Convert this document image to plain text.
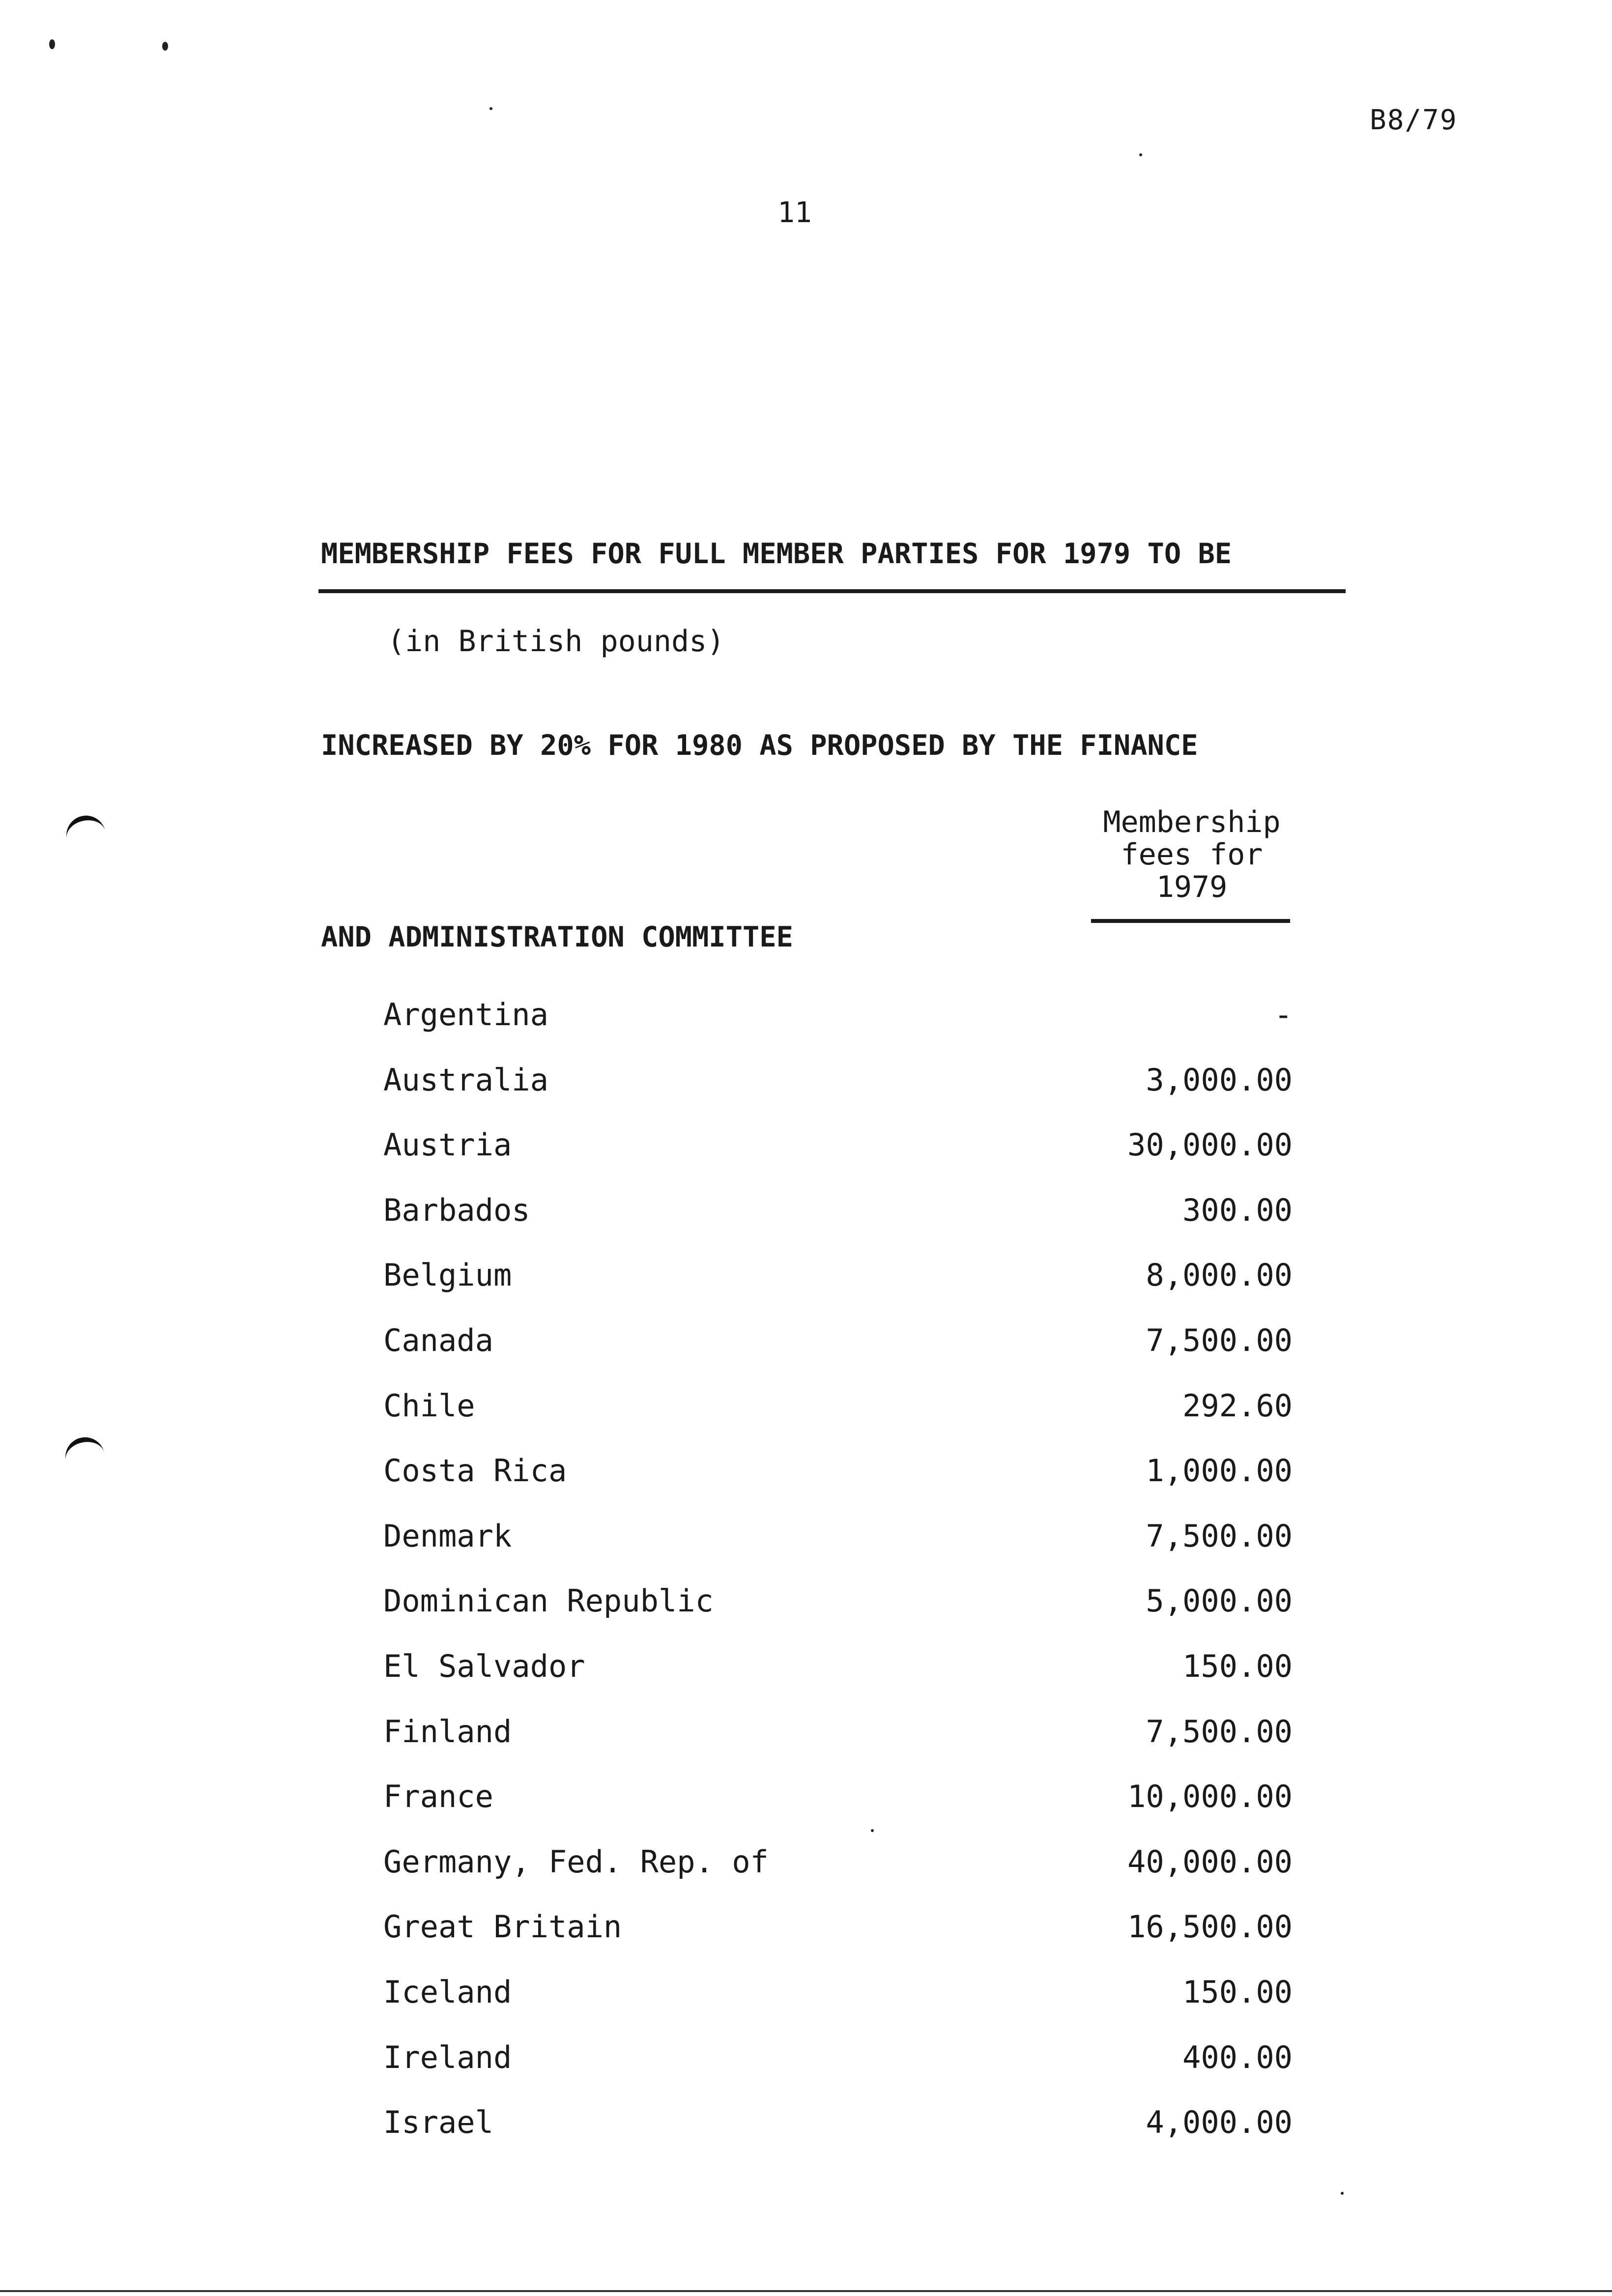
B8/79
11

MEMBERSHIP FEES FOR FULL MEMBER PARTIES FOR 1979 TO BE

INCREASED BY 20% FOR 1980 AS PROPOSED BY THE FINANCE

AND ADMINISTRATION COMMITTEE

(in British pounds)
Membership
fees for
1979
Argentina	-
Australia	3,000.00
Austria	30,000.00
Barbados	300.00
Belgium	8,000.00
Canada	7,500.00
Chile	292.60
Costa Rica	1,000.00
Denmark	7,500.00
Dominican Republic	5,000.00
El Salvador	150.00
Finland	7,500.00
France	10,000.00
Germany, Fed. Rep. of	40,000.00
Great Britain	16,500.00
Iceland	150.00
Ireland	400.00
Israel	4,000.00
